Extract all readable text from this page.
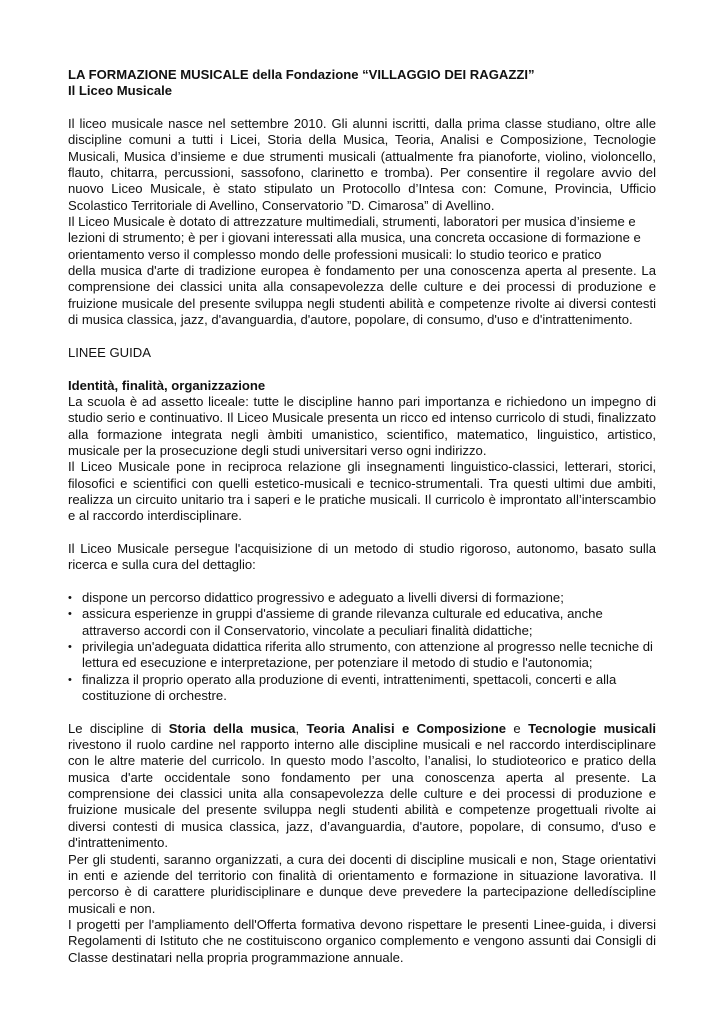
LA FORMAZIONE MUSICALE della Fondazione “VILLAGGIO DEI RAGAZZI”
Il Liceo Musicale

Il liceo musicale nasce nel settembre 2010. Gli alunni iscritti, dalla prima classe studiano, oltre alle discipline comuni a tutti i Licei, Storia della Musica, Teoria, Analisi e Composizione, Tecnologie Musicali, Musica d’insieme e due strumenti musicali (attualmente fra pianoforte, violino, violoncello, flauto, chitarra, percussioni, sassofono, clarinetto e tromba). Per consentire il regolare avvio del nuovo Liceo Musicale, è stato stipulato un Protocollo d’Intesa con: Comune, Provincia, Ufficio Scolastico Territoriale di Avellino, Conservatorio ”D. Cimarosa” di Avellino.

Il Liceo Musicale è dotato di attrezzature multimediali, strumenti, laboratori per musica d’insieme e lezioni di strumento; è per i giovani interessati alla musica, una concreta occasione di formazione e orientamento verso il complesso mondo delle professioni musicali: lo studio teorico e pratico

della musica d'arte di tradizione europea è fondamento per una conoscenza aperta al presente. La comprensione dei classici unita alla consapevolezza delle culture e dei processi di produzione e fruizione musicale del presente sviluppa negli studenti abilità e competenze rivolte ai diversi contesti di musica classica, jazz, d'avanguardia, d'autore, popolare, di consumo, d'uso e d'intrattenimento.

LINEE GUIDA

Identità, finalità, organizzazione

La scuola è ad assetto liceale: tutte le discipline hanno pari importanza e richiedono un impegno di studio serio e continuativo. Il Liceo Musicale presenta un ricco ed intenso curricolo di studi, finalizzato alla formazione integrata negli àmbiti umanistico, scientifico, matematico, linguistico, artistico, musicale per la prosecuzione degli studi universitari verso ogni indirizzo.

Il Liceo Musicale pone in reciproca relazione gli insegnamenti linguistico-classici, letterari, storici, filosofici e scientifici con quelli estetico-musicali e tecnico-strumentali. Tra questi ultimi due ambiti, realizza un circuito unitario tra i saperi e le pratiche musicali. Il curricolo è improntato all’interscambio e al raccordo interdisciplinare.

Il Liceo Musicale persegue l'acquisizione di un metodo di studio rigoroso, autonomo, basato sulla ricerca e sulla cura del dettaglio:

• dispone un percorso didattico progressivo e adeguato a livelli diversi di formazione;
• assicura esperienze in gruppi d'assieme di grande rilevanza culturale ed educativa, anche attraverso accordi con il Conservatorio, vincolate a peculiari finalità didattiche;
• privilegia un'adeguata didattica riferita allo strumento, con attenzione al progresso nelle tecniche di lettura ed esecuzione e interpretazione, per potenziare il metodo di studio e l'autonomia;
• finalizza il proprio operato alla produzione di eventi, intrattenimenti, spettacoli, concerti e alla costituzione di orchestre.

Le discipline di Storia della musica, Teoria Analisi e Composizione e Tecnologie musicali rivestono il ruolo cardine nel rapporto interno alle discipline musicali e nel raccordo interdisciplinare con le altre materie del curricolo. In questo modo l’ascolto, l’analisi, lo studioteorico e pratico della musica d'arte occidentale sono fondamento per una conoscenza aperta al presente. La comprensione dei classici unita alla consapevolezza delle culture e dei processi di produzione e fruizione musicale del presente sviluppa negli studenti abilità e competenze progettuali rivolte ai diversi contesti di musica classica, jazz, d’avanguardia, d'autore, popolare, di consumo, d'uso e d'intrattenimento.

Per gli studenti, saranno organizzati, a cura dei docenti di discipline musicali e non, Stage orientativi in enti e aziende del territorio con finalità di orientamento e formazione in situazione lavorativa. Il percorso è di carattere pluridisciplinare e dunque deve prevedere la partecipazione delledíscipline musicali e non.

I progetti per l'ampliamento dell'Offerta formativa devono rispettare le presenti Linee-guida, i diversi Regolamenti di Istituto che ne costituiscono organico complemento e vengono assunti dai Consigli di Classe destinatari nella propria programmazione annuale.
